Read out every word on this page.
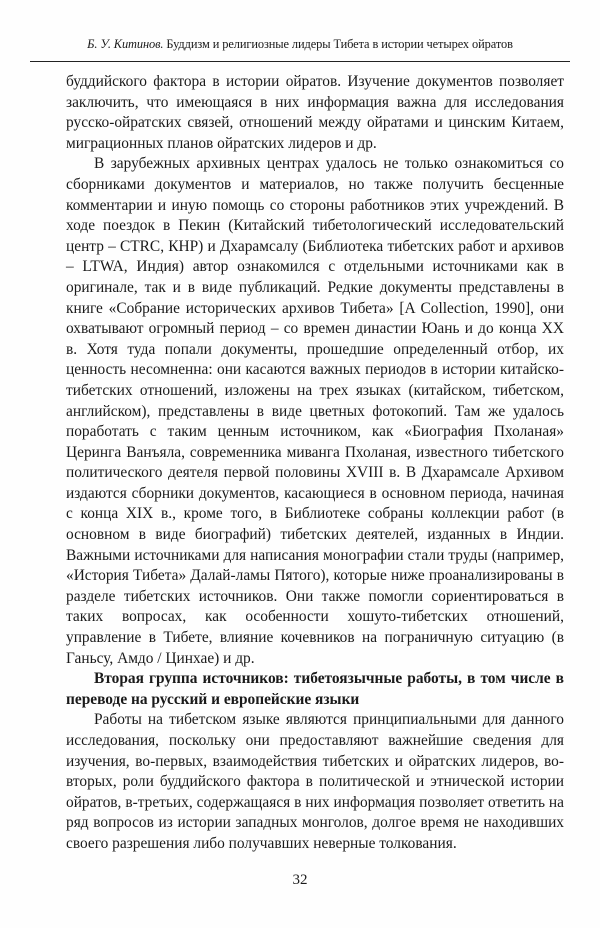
Б. У. Китинов. Буддизм и религиозные лидеры Тибета в истории четырех ойратов

буддийского фактора в истории ойратов. Изучение документов позволяет заключить, что имеющаяся в них информация важна для исследования русско-ойратских связей, отношений между ойратами и цинским Китаем, миграционных планов ойратских лидеров и др.

В зарубежных архивных центрах удалось не только ознакомиться со сборниками документов и материалов, но также получить бесценные комментарии и иную помощь со стороны работников этих учреждений. В ходе поездок в Пекин (Китайский тибетологический исследовательский центр – CTRC, КНР) и Дхарамсалу (Библиотека тибетских работ и архивов – LTWA, Индия) автор ознакомился с отдельными источниками как в оригинале, так и в виде публикаций. Редкие документы представлены в книге «Собрание исторических архивов Тибета» [A Collection, 1990], они охватывают огромный период – со времен династии Юань и до конца XX в. Хотя туда попали документы, прошедшие определенный отбор, их ценность несомненна: они касаются важных периодов в истории китайско-тибетских отношений, изложены на трех языках (китайском, тибетском, английском), представлены в виде цветных фотокопий. Там же удалось поработать с таким ценным источником, как «Биография Пхоланая» Церинга Ванъяла, современника миванга Пхоланая, известного тибетского политического деятеля первой половины XVIII в. В Дхарамсале Архивом издаются сборники документов, касающиеся в основном периода, начиная с конца XIX в., кроме того, в Библиотеке собраны коллекции работ (в основном в виде биографий) тибетских деятелей, изданных в Индии. Важными источниками для написания монографии стали труды (например, «История Тибета» Далай-ламы Пятого), которые ниже проанализированы в разделе тибетских источников. Они также помогли сориентироваться в таких вопросах, как особенности хошуто-тибетских отношений, управление в Тибете, влияние кочевников на пограничную ситуацию (в Ганьсу, Амдо / Цинхае) и др.

Вторая группа источников: тибетоязычные работы, в том числе в переводе на русский и европейские языки

Работы на тибетском языке являются принципиальными для данного исследования, поскольку они предоставляют важнейшие сведения для изучения, во-первых, взаимодействия тибетских и ойратских лидеров, во-вторых, роли буддийского фактора в политической и этнической истории ойратов, в-третьих, содержащаяся в них информация позволяет ответить на ряд вопросов из истории западных монголов, долгое время не находивших своего разрешения либо получавших неверные толкования.

32
